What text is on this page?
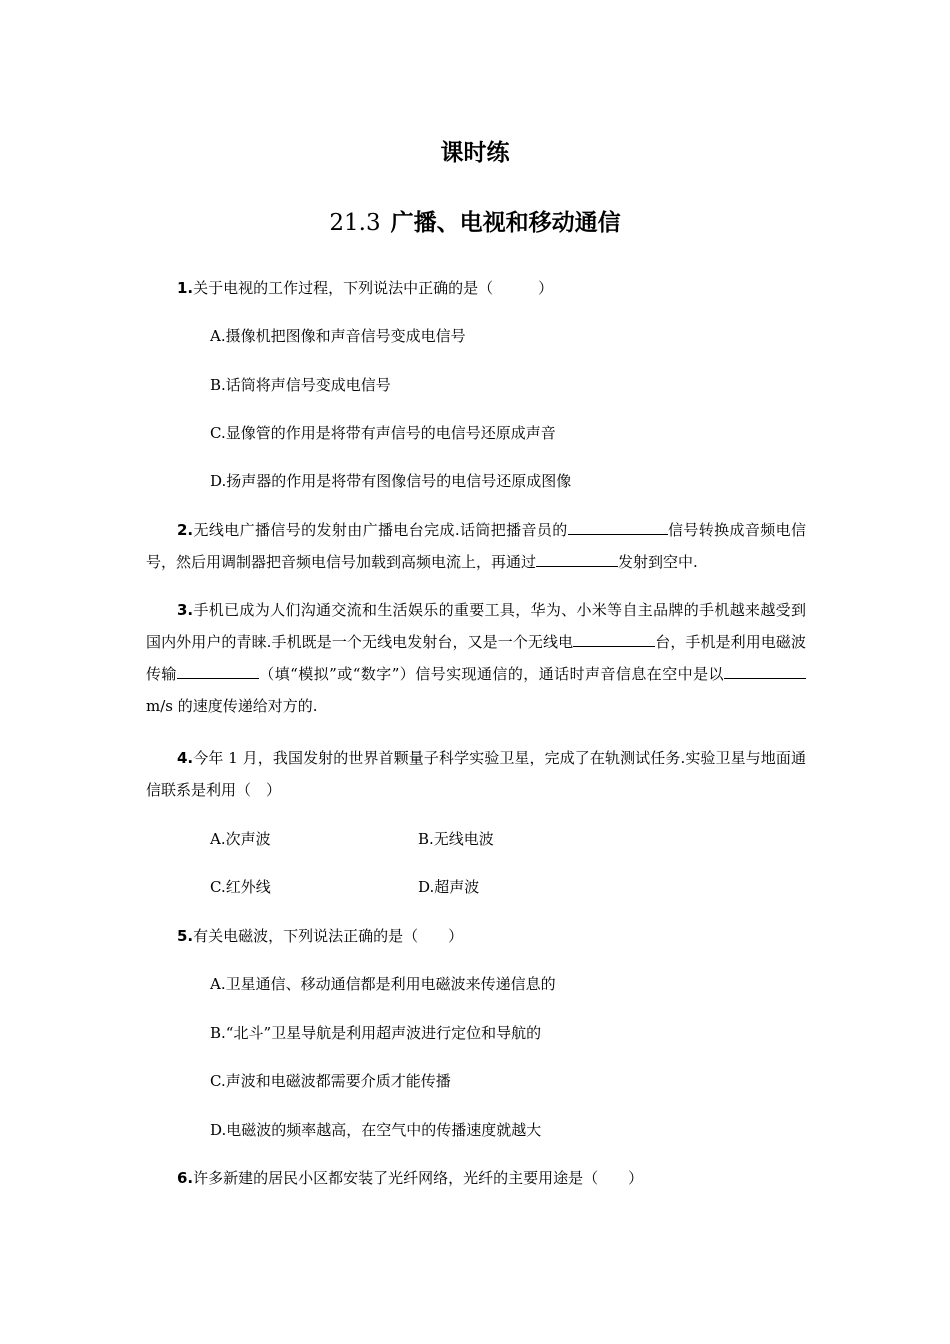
课时练
21.3 广播、电视和移动通信
1.关于电视的工作过程，下列说法中正确的是（　　　）
A.摄像机把图像和声音信号变成电信号
B.话筒将声信号变成电信号
C.显像管的作用是将带有声信号的电信号还原成声音
D.扬声器的作用是将带有图像信号的电信号还原成图像
2.无线电广播信号的发射由广播电台完成.话筒把播音员的	信号转换成音频电信号，然后用调制器把音频电信号加载到高频电流上，再通过	发射到空中.
3.手机已成为人们沟通交流和生活娱乐的重要工具，华为、小米等自主品牌的手机越来越受到国内外用户的青睐.手机既是一个无线电发射台，又是一个无线电	台，手机是利用电磁波传输	（填“模拟”或“数字”）信号实现通信的，通话时声音信息在空中是以m/s 的速度传递给对方的.
4.今年 1 月，我国发射的世界首颗量子科学实验卫星，完成了在轨测试任务.实验卫星与地面通信联系是利用（　）
A.次声波	B.无线电波
C.红外线	D.超声波
5.有关电磁波，下列说法正确的是（　　）
A.卫星通信、移动通信都是利用电磁波来传递信息的
B.“北斗”卫星导航是利用超声波进行定位和导航的
C.声波和电磁波都需要介质才能传播
D.电磁波的频率越高，在空气中的传播速度就越大
6.许多新建的居民小区都安装了光纤网络，光纤的主要用途是（　　）
